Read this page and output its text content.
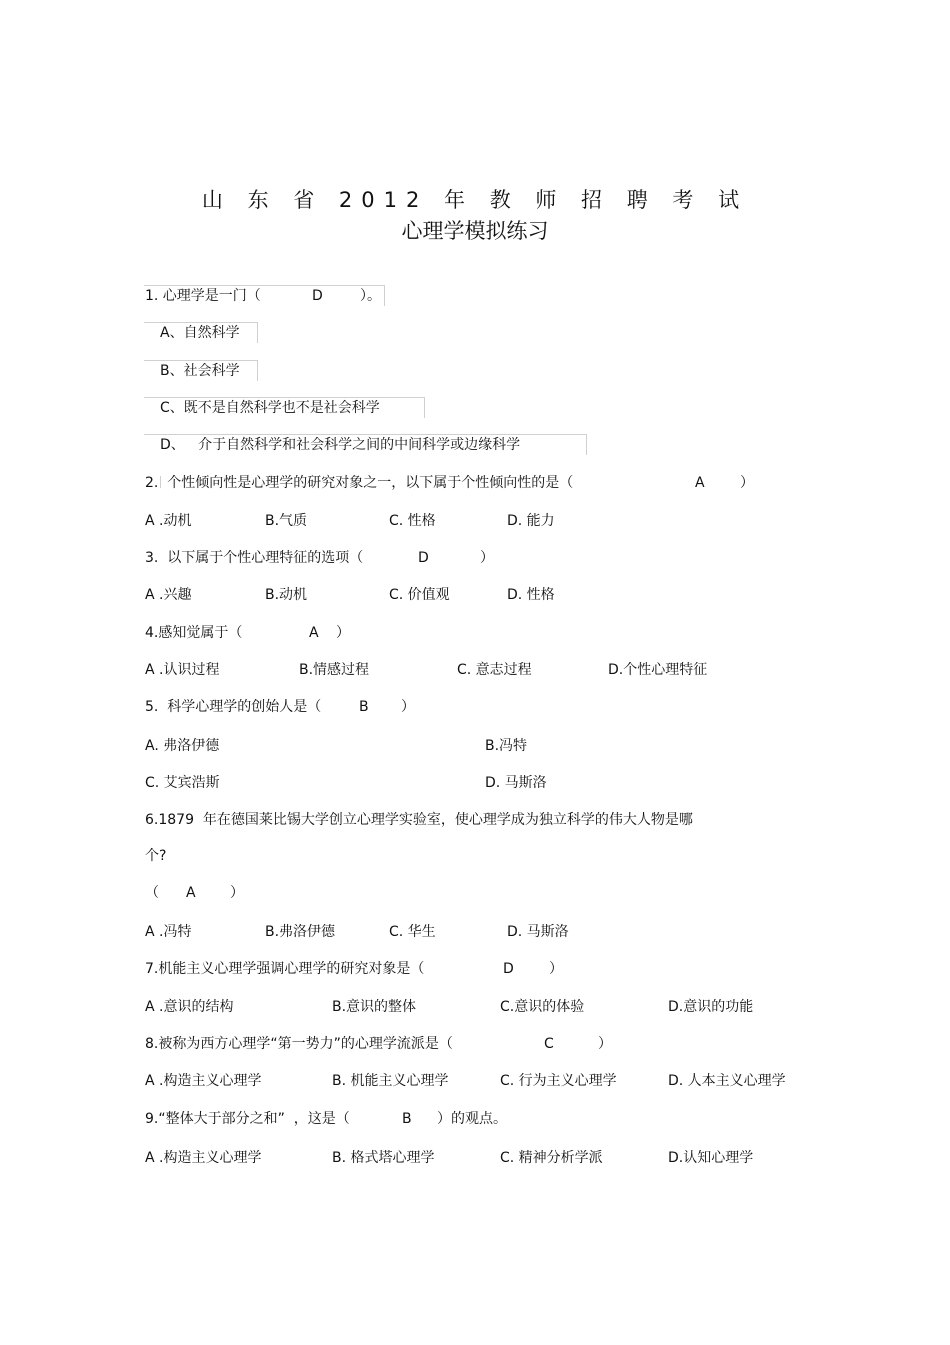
山 东 省 2012 年 教 师 招 聘 考 试
心理学模拟练习
1. 心理学是一门（	D	）。
A、自然科学
B、社会科学
C、既不是自然科学也不是社会科学
D、   介于自然科学和社会科学之间的中间科学或边缘科学
2.  个性倾向性是心理学的研究对象之一，以下属于个性倾向性的是（	A	）
A .动机	B.气质	C. 性格	D. 能力
3.  以下属于个性心理特征的选项（	D	）
A .兴趣	B.动机	C. 价值观	D. 性格
4.感知觉属于（	A ）
A .认识过程	B.情感过程	C. 意志过程	D.个性心理特征
5.  科学心理学的创始人是（	B ）
A. 弗洛伊德	B.冯特
C. 艾宾浩斯	D. 马斯洛
6.1879  年在德国莱比锡大学创立心理学实验室，使心理学成为独立科学的伟大人物是哪
个?
（ A ）
A .冯特	B.弗洛伊德	C. 华生	D. 马斯洛
7.机能主义心理学强调心理学的研究对象是（	D	）
A .意识的结构	B.意识的整体	C.意识的体验	D.意识的功能
8.被称为西方心理学“第一势力”的心理学流派是（	C	）
A .构造主义心理学	B. 机能主义心理学	C. 行为主义心理学	D. 人本主义心理学
9.“整体大于部分之和”  ，这是（	B ）的观点。
A .构造主义心理学	B. 格式塔心理学	C. 精神分析学派	D.认知心理学
